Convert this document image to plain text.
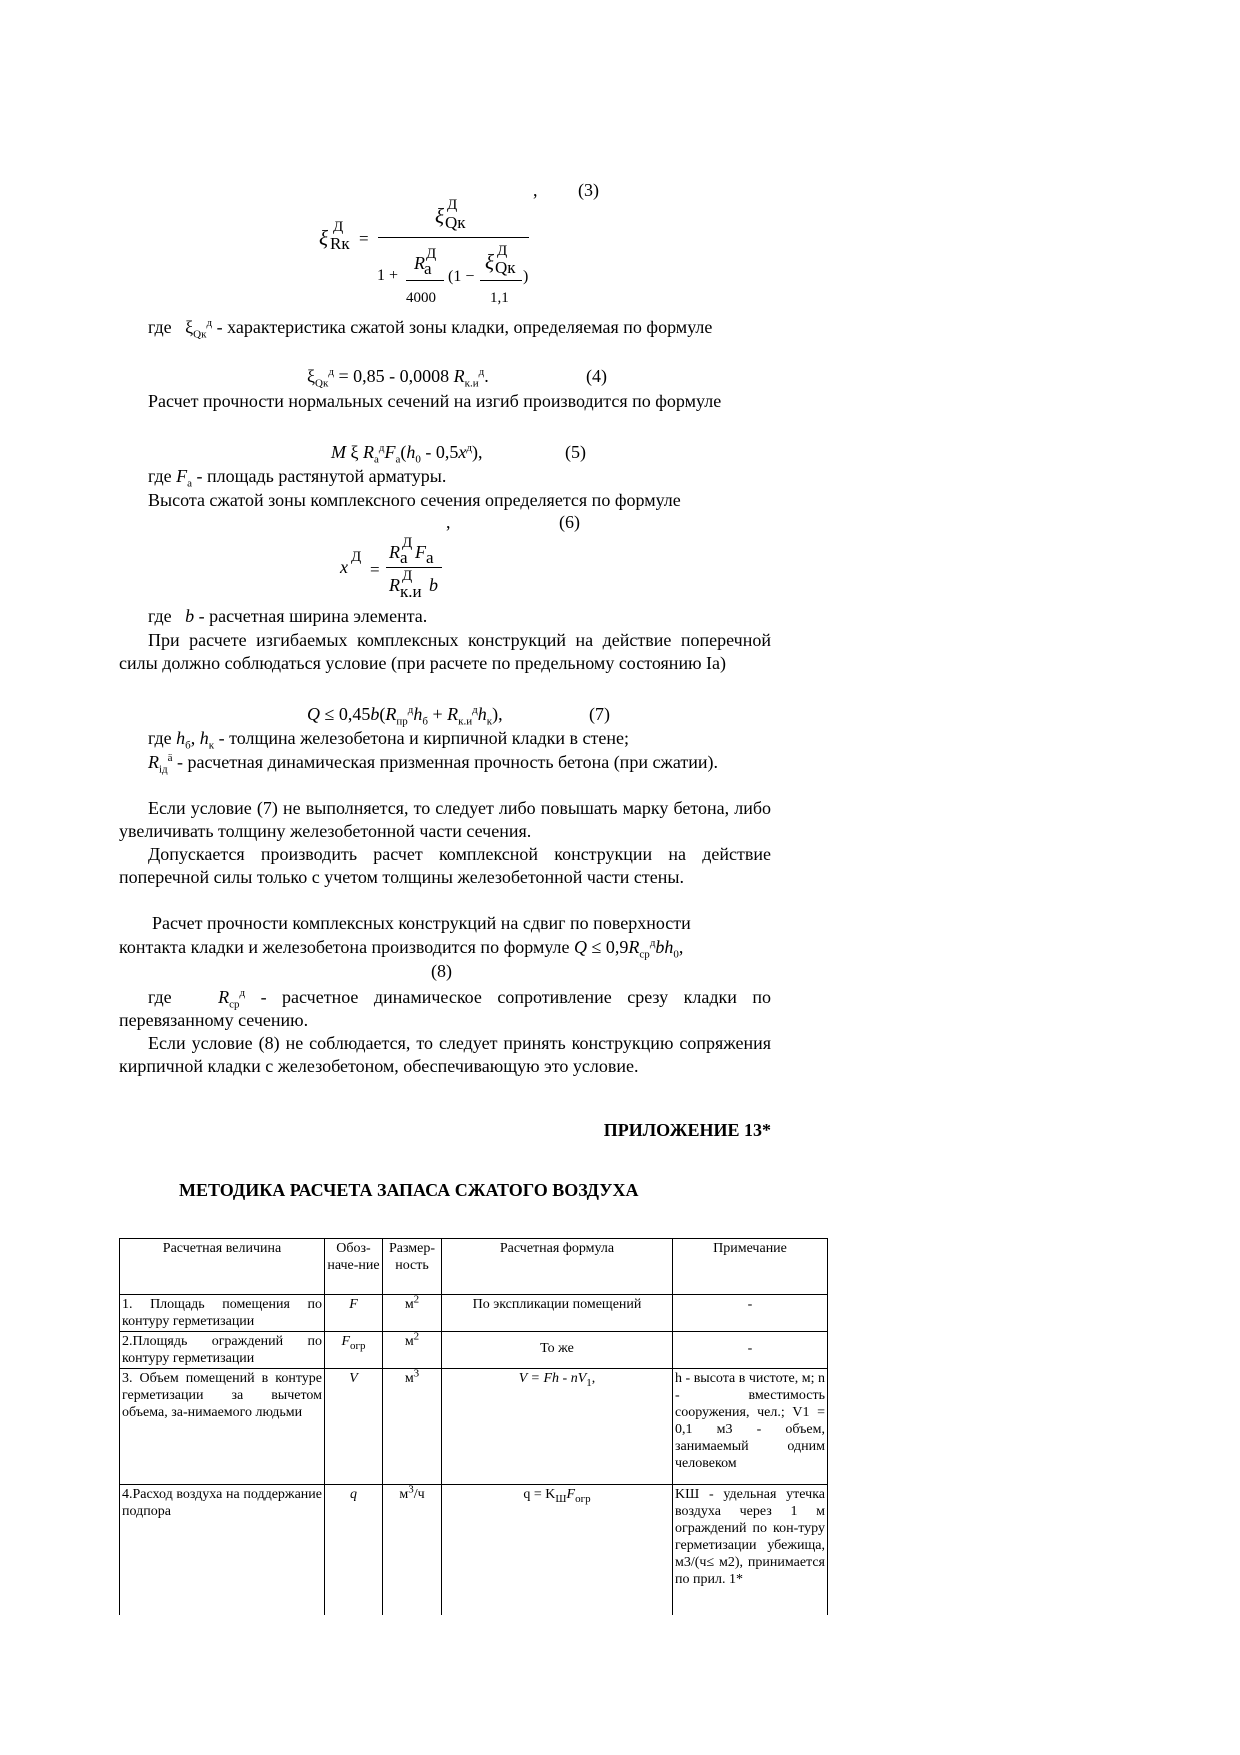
, (3)
ξ Д
Rк =
ξ Д
Qк
1 +
R Д
а
4000
(1 −
ξ Д
Qк )
1,1
где   $\xi_{Qк}^д$ - характеристика сжатой зоны кладки, определяемая по формуле
$\xi_{Qк}^д = 0,85 - 0,0008$ $R_{к.и}^д$.	(4)
Расчет прочности нормальных сечений на изгиб производится по формуле
M ξ $R_а^дF_а(h_0 - 0,5x^д)$,	(5)
где $F_а$ - площадь растянутой арматуры.
Высота сжатой зоны комплексного сечения определяется по формуле
,	(6)
x Д
=
R Д
а F а
R Д
к.и b
где   b - расчетная ширина элемента.
При расчете изгибаемых комплексных конструкций на действие поперечной силы должно соблюдаться условие (при расчете по предельному состоянию Iа)
$Q \le 0,45b(R_{пр}^дh_б + R_{к.и}^дh_к)$,	(7)
где $h_б$, $h_к$ - толщина железобетона и кирпичной кладки в стене;
$R_{iд}^ä$ - расчетная динамическая призменная прочность бетона (при сжатии).
Если условие (7) не выполняется, то следует либо повышать марку бетона, либо увеличивать толщину железобетонной части сечения.
Допускается производить расчет комплексной конструкции на действие поперечной силы только с учетом толщины железобетонной части стены.
Расчет прочности комплексных конструкций на сдвиг по поверхности
контакта кладки и железобетона производится по формуле $Q \le 0,9R_{ср}^дbh_0$,
(8)
где   $R_{ср}^д$ - расчетное динамическое сопротивление срезу кладки по перевязанному сечению.
Если условие (8) не соблюдается, то следует принять конструкцию сопряжения кирпичной кладки с железобетоном, обеспечивающую это условие.
ПРИЛОЖЕНИЕ 13*
МЕТОДИКА РАСЧЕТА ЗАПАСА СЖАТОГО ВОЗДУХА
Расчетная величина	Обоз-наче-ние	Размер-ность	Расчетная формула	Примечание
1. Площадь помещения по контуру герметизации	F	$м^2$	По экспликации помещений	-
2.Площядь ограждений по контуру герметизации	$F_{огр}$	$м^2$	То же	-
3. Объем помещений в контуре герметизации за вычетом объема, за-нимаемого людьми	V	$м^3$	$V = Fh - nV_1$,	h - высота в чистоте, м; n - вместимость сооружения, чел.; V1 = 0,1 м3 - объем, занимаемый одним человеком
4.Расход воздуха на поддержание подпора	q	$м^3/ч$	$q = K_ШF_{огр}$	KШ - удельная утечка воздуха через 1 м ограждений по кон-туру герметизации убежища, м3/(ч≤ м2), принимается по прил. 1*
